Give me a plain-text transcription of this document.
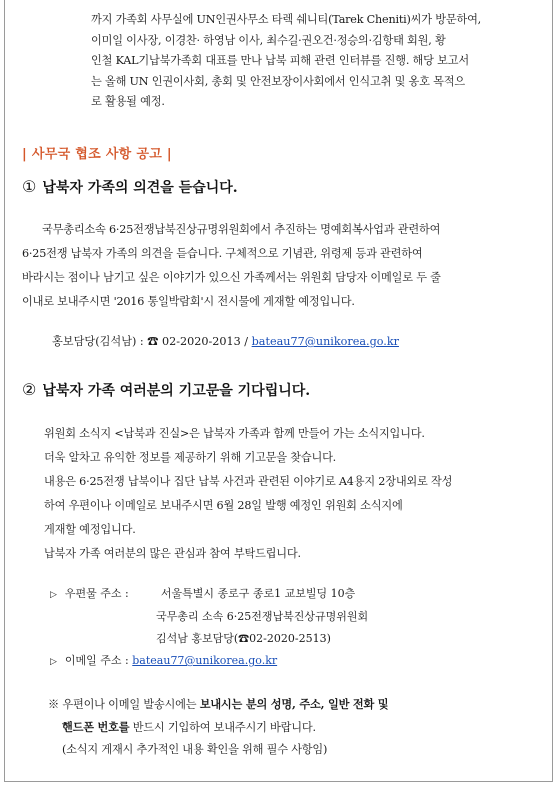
까지 가족회 사무실에 UN인권사무소 타렉 쉐니티(Tarek Cheniti)씨가 방문하여,

이미일 이사장, 이경찬· 하영남 이사, 최수길·권오건·정승의·김항태 회원, 황

인철 KAL기납북가족회 대표를 만나 납북 피해 관련 인터뷰를 진행. 해당 보고서

는 올해 UN 인권이사회, 총회 및 안전보장이사회에서 인식고취 및 옹호 목적으

로 활용될 예정.

| 사무국 협조 사항 공고 |
① 납북자 가족의 의견을 듣습니다.

국무총리소속 6·25전쟁납북진상규명위원회에서 추진하는 명예회복사업과 관련하여

6·25전쟁 납북자 가족의 의견을 듣습니다. 구체적으로 기념관, 위령제 등과 관련하여

바라시는 점이나 남기고 싶은 이야기가 있으신 가족께서는 위원회 담당자 이메일로 두 줄

이내로 보내주시면 '2016 통일박람회'시 전시물에 게재할 예정입니다.

홍보담당(김석남) : ☎ 02-2020-2013 / bateau77@unikorea.go.kr
② 납북자 가족 여러분의 기고문을 기다립니다.

위원회 소식지 <납북과 진실>은 납북자 가족과 함께 만들어 가는 소식지입니다.

더욱 알차고 유익한 정보를 제공하기 위해 기고문을 찾습니다.

내용은 6·25전쟁 납북이나 집단 납북 사건과 관련된 이야기로 A4용지 2장내외로 작성

하여 우편이나 이메일로 보내주시면 6월 28일 발행 예정인 위원회 소식지에

게재할 예정입니다.

납북자 가족 여러분의 많은 관심과 참여 부탁드립니다.

▷ 우편물 주소 :	서울특별시 종로구 종로1 교보빌딩 10층
국무총리 소속 6·25전쟁납북진상규명위원회
김석남 홍보담당(☎02-2020-2513)
▷ 이메일 주소 : bateau77@unikorea.go.kr

※ 우편이나 이메일 발송시에는 보내시는 분의 성명, 주소, 일반 전화 및

핸드폰 번호를 반드시 기입하여 보내주시기 바랍니다.

(소식지 게재시 추가적인 내용 확인을 위해 필수 사항임)
